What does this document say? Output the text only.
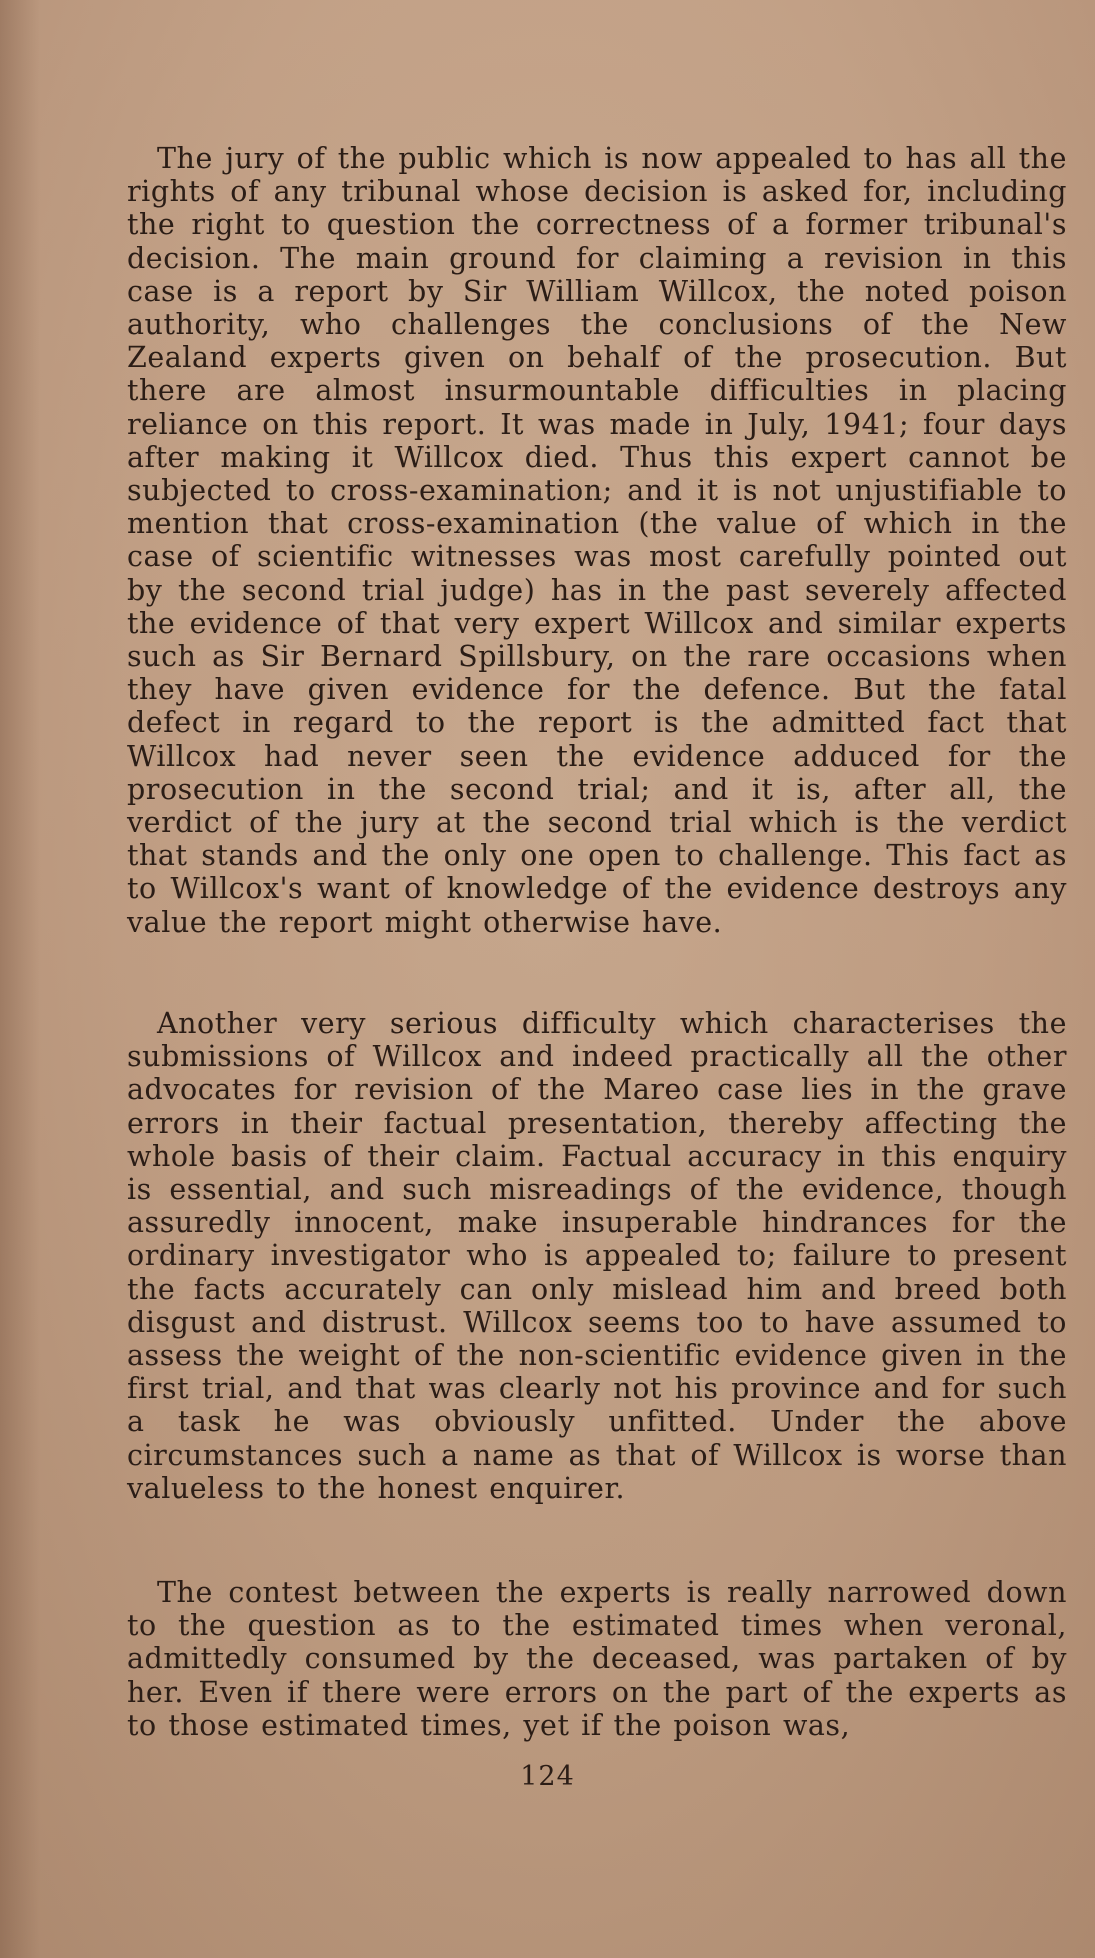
The jury of the public which is now appealed to has all the rights of any tribunal whose decision is asked for, including the right to question the correctness of a former tribunal's decision. The main ground for claiming a revision in this case is a report by Sir William Willcox, the noted poison authority, who challenges the conclusions of the New Zealand experts given on behalf of the prosecution. But there are almost insurmountable difficulties in placing reliance on this report. It was made in July, 1941; four days after making it Willcox died. Thus this expert cannot be subjected to cross-examination; and it is not unjustifiable to mention that cross-examination (the value of which in the case of scientific witnesses was most carefully pointed out by the second trial judge) has in the past severely affected the evidence of that very expert Willcox and similar experts such as Sir Bernard Spillsbury, on the rare occasions when they have given evidence for the defence. But the fatal defect in regard to the report is the admitted fact that Willcox had never seen the evidence adduced for the prosecution in the second trial; and it is, after all, the verdict of the jury at the second trial which is the verdict that stands and the only one open to challenge. This fact as to Willcox's want of knowledge of the evidence destroys any value the report might otherwise have.

Another very serious difficulty which characterises the submissions of Willcox and indeed practically all the other advocates for revision of the Mareo case lies in the grave errors in their factual presentation, thereby affecting the whole basis of their claim. Factual accuracy in this enquiry is essential, and such misreadings of the evidence, though assuredly innocent, make insuperable hindrances for the ordinary investigator who is appealed to; failure to present the facts accurately can only mislead him and breed both disgust and distrust. Willcox seems too to have assumed to assess the weight of the non-scientific evidence given in the first trial, and that was clearly not his province and for such a task he was obviously unfitted. Under the above circumstances such a name as that of Willcox is worse than valueless to the honest enquirer.

The contest between the experts is really narrowed down to the question as to the estimated times when veronal, admittedly consumed by the deceased, was partaken of by her. Even if there were errors on the part of the experts as to those estimated times, yet if the poison was,

124
